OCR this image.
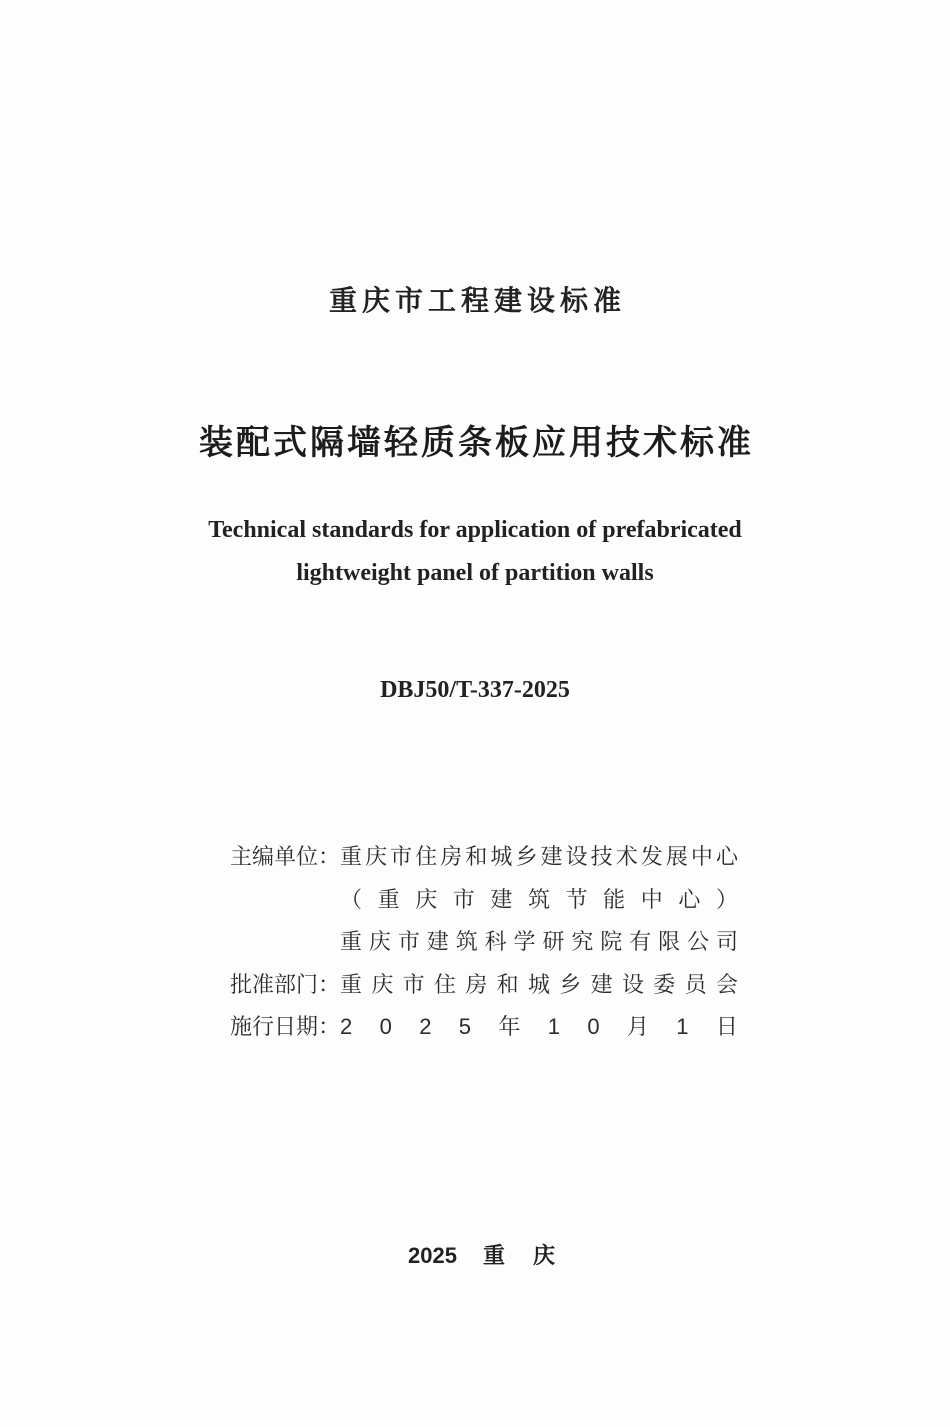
重庆市工程建设标准
装配式隔墙轻质条板应用技术标准
Technical standards for application of prefabricated
lightweight panel of partition walls
DBJ50/T-337-2025
主 编 单 位 ： 重 庆 市 住 房 和 城 乡 建 设 技 术 发 展 中 心
（ 重 庆 市 建 筑 节 能 中 心 ）
重 庆 市 建 筑 科 学 研 究 院 有 限 公 司
批 准 部 门 ： 重 庆 市 住 房 和 城 乡 建 设 委 员 会
施 行 日 期 ： 2 0 2 5 年 1 0 月 1 日
2025 重庆
